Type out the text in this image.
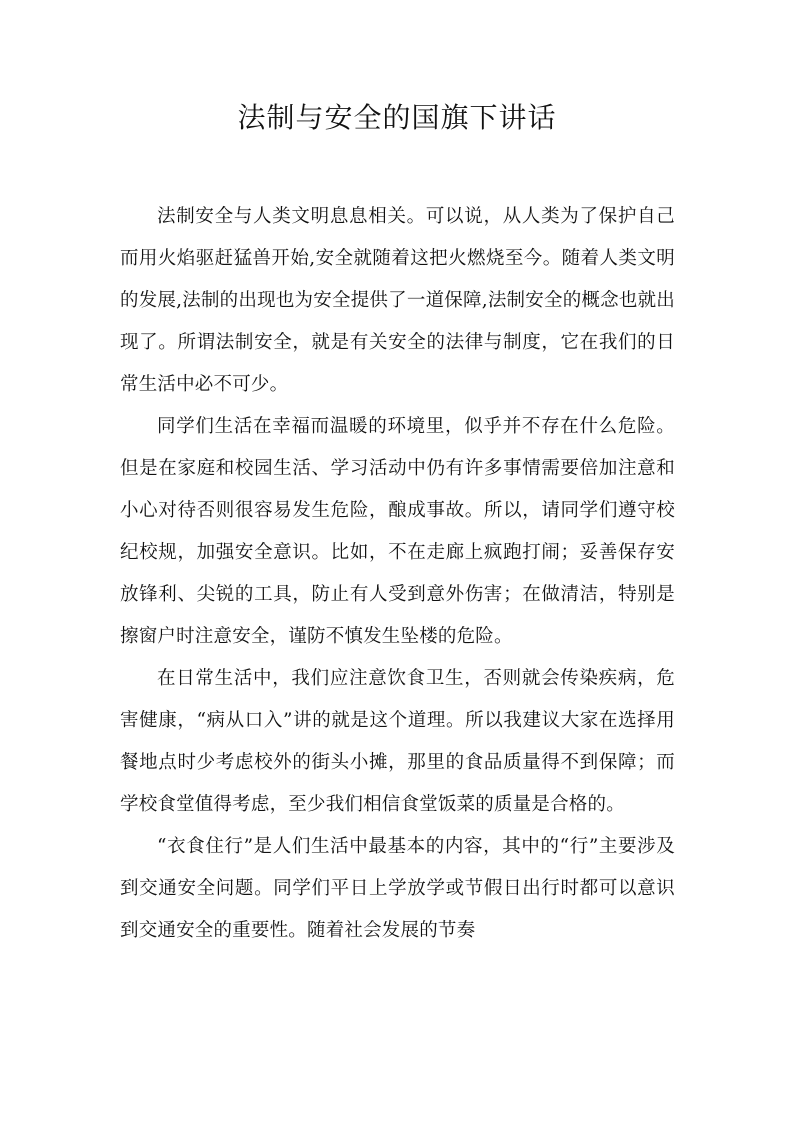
法制与安全的国旗下讲话

法制安全与人类文明息息相关。可以说，从人类为了保护自己而用火焰驱赶猛兽开始,安全就随着这把火燃烧至今。随着人类文明的发展,法制的出现也为安全提供了一道保障,法制安全的概念也就出现了。所谓法制安全，就是有关安全的法律与制度，它在我们的日常生活中必不可少。

同学们生活在幸福而温暖的环境里，似乎并不存在什么危险。但是在家庭和校园生活、学习活动中仍有许多事情需要倍加注意和小心对待否则很容易发生危险，酿成事故。所以，请同学们遵守校纪校规，加强安全意识。比如，不在走廊上疯跑打闹；妥善保存安放锋利、尖锐的工具，防止有人受到意外伤害；在做清洁，特别是擦窗户时注意安全，谨防不慎发生坠楼的危险。

在日常生活中，我们应注意饮食卫生，否则就会传染疾病，危害健康，“病从口入”讲的就是这个道理。所以我建议大家在选择用餐地点时少考虑校外的街头小摊，那里的食品质量得不到保障；而学校食堂值得考虑，至少我们相信食堂饭菜的质量是合格的。

“衣食住行”是人们生活中最基本的内容，其中的“行”主要涉及到交通安全问题。同学们平日上学放学或节假日出行时都可以意识到交通安全的重要性。随着社会发展的节奏
